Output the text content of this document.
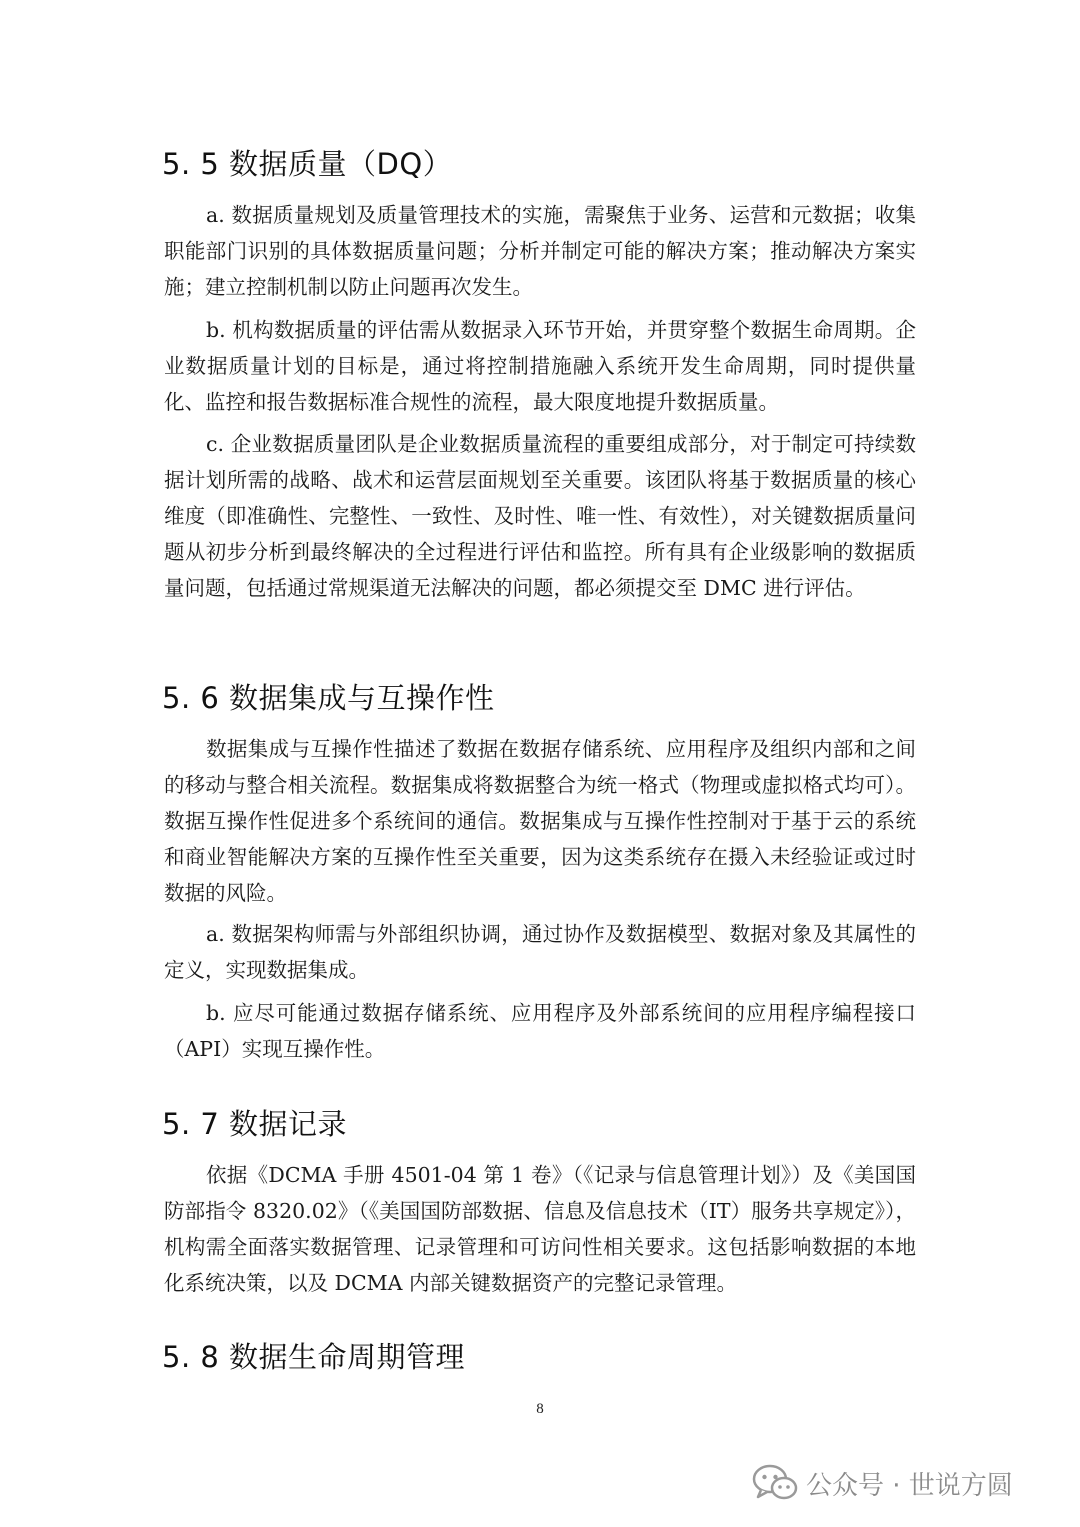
5. 5 数据质量（DQ）

a. 数据质量规划及质量管理技术的实施，需聚焦于业务、运营和元数据；收集职能部门识别的具体数据质量问题；分析并制定可能的解决方案；推动解决方案实施；建立控制机制以防止问题再次发生。

b. 机构数据质量的评估需从数据录入环节开始，并贯穿整个数据生命周期。企业数据质量计划的目标是，通过将控制措施融入系统开发生命周期，同时提供量化、监控和报告数据标准合规性的流程，最大限度地提升数据质量。

c. 企业数据质量团队是企业数据质量流程的重要组成部分，对于制定可持续数据计划所需的战略、战术和运营层面规划至关重要。该团队将基于数据质量的核心维度（即准确性、完整性、一致性、及时性、唯一性、有效性），对关键数据质量问题从初步分析到最终解决的全过程进行评估和监控。所有具有企业级影响的数据质量问题，包括通过常规渠道无法解决的问题，都必须提交至 DMC 进行评估。

5. 6 数据集成与互操作性

数据集成与互操作性描述了数据在数据存储系统、应用程序及组织内部和之间的移动与整合相关流程。数据集成将数据整合为统一格式（物理或虚拟格式均可）。数据互操作性促进多个系统间的通信。数据集成与互操作性控制对于基于云的系统和商业智能解决方案的互操作性至关重要，因为这类系统存在摄入未经验证或过时数据的风险。

a. 数据架构师需与外部组织协调，通过协作及数据模型、数据对象及其属性的定义，实现数据集成。

b. 应尽可能通过数据存储系统、应用程序及外部系统间的应用程序编程接口（API）实现互操作性。

5. 7 数据记录

依据《DCMA 手册 4501-04 第 1 卷》（《记录与信息管理计划》）及《美国国防部指令 8320.02》（《美国国防部数据、信息及信息技术（IT）服务共享规定》），机构需全面落实数据管理、记录管理和可访问性相关要求。这包括影响数据的本地化系统决策，以及 DCMA 内部关键数据资产的完整记录管理。

5. 8 数据生命周期管理
8
公众号 · 世说方圆
